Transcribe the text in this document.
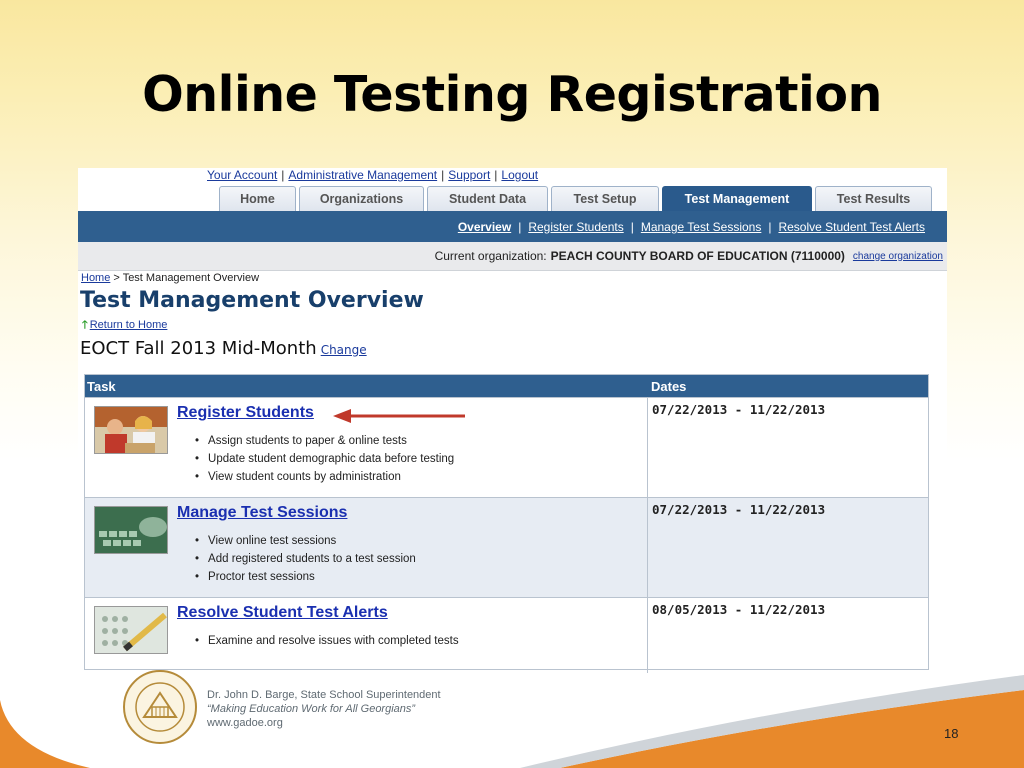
Online Testing Registration
Your Account | Administrative Management | Support | Logout
Home	Organizations	Student Data	Test Setup	Test Management	Test Results
Overview | Register Students | Manage Test Sessions | Resolve Student Test Alerts
Current organization: PEACH COUNTY BOARD OF EDUCATION (7110000) change organization
Home > Test Management Overview
Test Management Overview
🡑 Return to Home
EOCT Fall 2013 Mid-Month Change
Task	Dates
Register Students
• Assign students to paper & online tests
• Update student demographic data before testing
• View student counts by administration
07/22/2013 - 11/22/2013
Manage Test Sessions
• View online test sessions
• Add registered students to a test session
• Proctor test sessions
07/22/2013 - 11/22/2013
Resolve Student Test Alerts
• Examine and resolve issues with completed tests
08/05/2013 - 11/22/2013
Dr. John D. Barge, State School Superintendent
“Making Education Work for All Georgians”
www.gadoe.org
18
